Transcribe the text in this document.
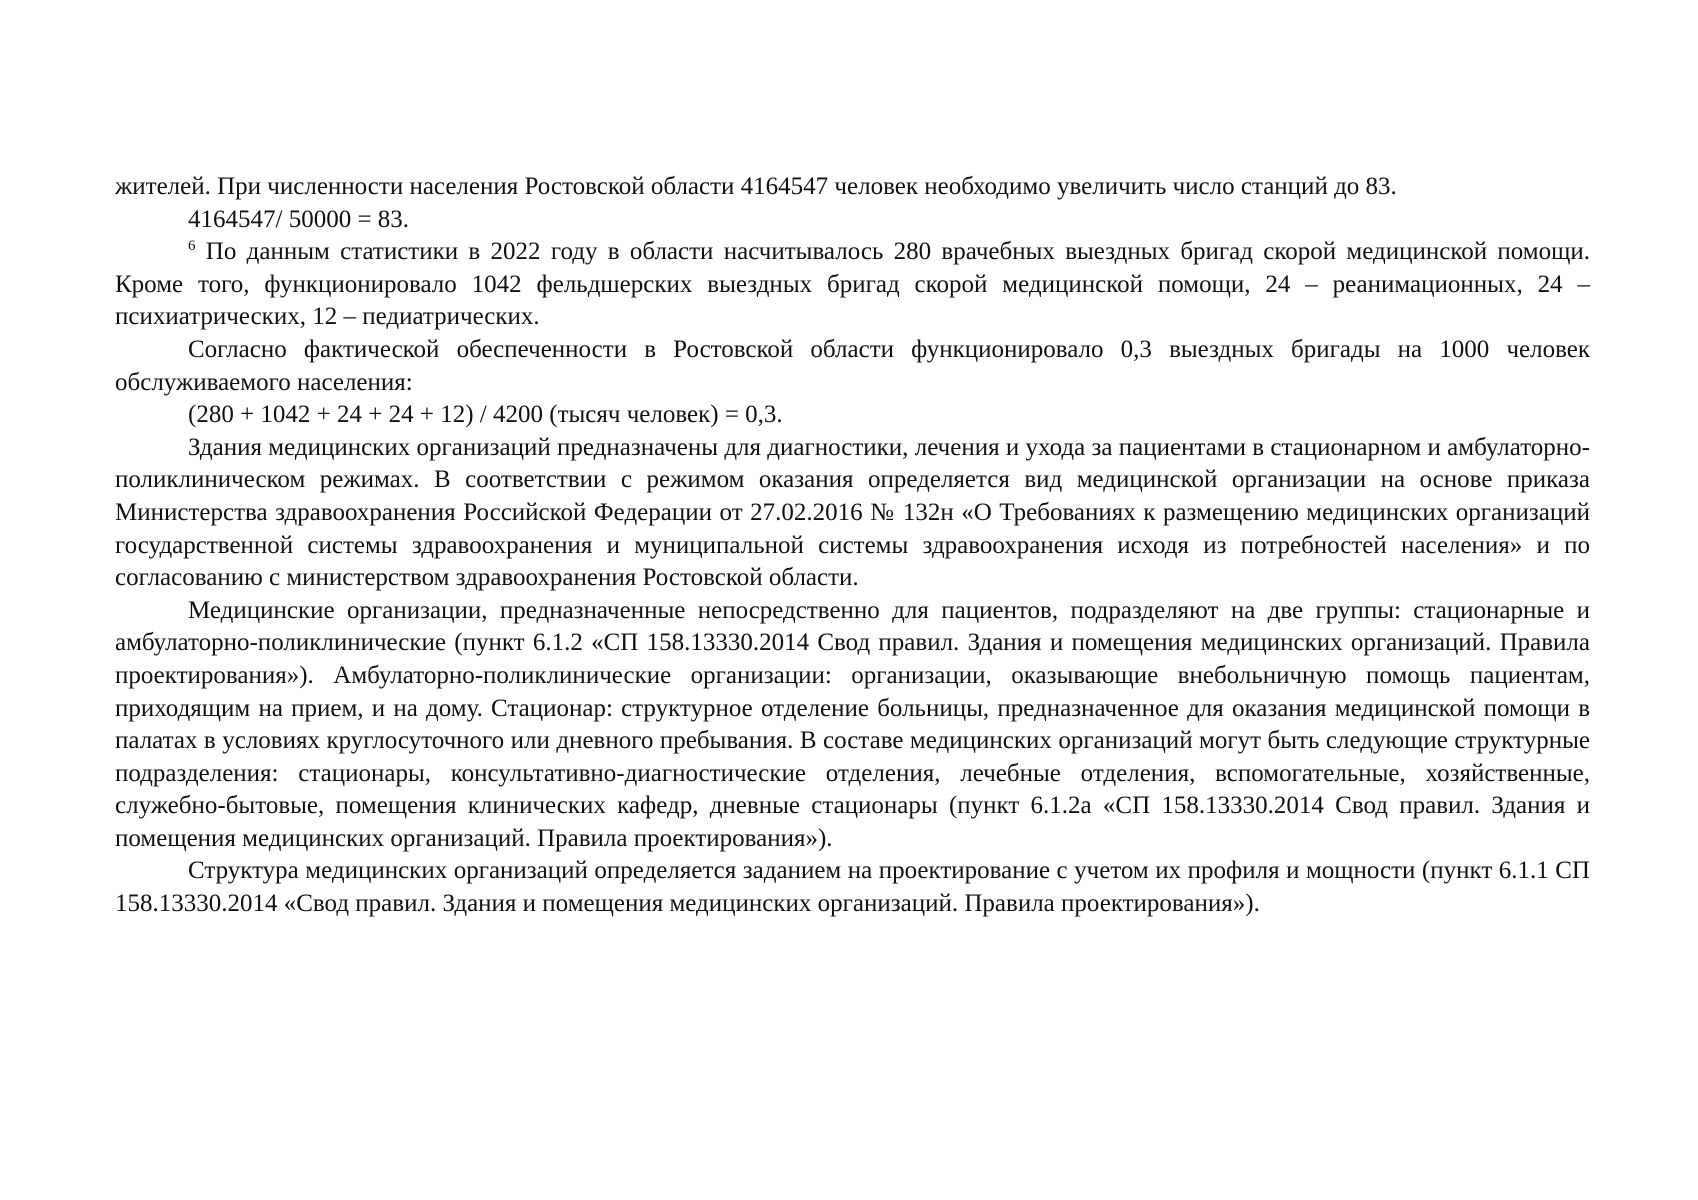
жителей. При численности населения Ростовской области 4164547 человек необходимо увеличить число станций до 83.

4164547/ 50000 = 83.

$^6$ По данным статистики в 2022 году в области насчитывалось 280 врачебных выездных бригад скорой медицинской помощи. Кроме того, функционировало 1042 фельдшерских выездных бригад скорой медицинской помощи, 24 – реанимационных, 24 – психиатрических, 12 – педиатрических.

Согласно фактической обеспеченности в Ростовской области функционировало 0,3 выездных бригады на 1000 человек обслуживаемого населения:

(280 + 1042 + 24 + 24 + 12) / 4200 (тысяч человек) = 0,3.

Здания медицинских организаций предназначены для диагностики, лечения и ухода за пациентами в стационарном и амбулаторно-поликлиническом режимах. В соответствии с режимом оказания определяется вид медицинской организации на основе приказа Министерства здравоохранения Российской Федерации от 27.02.2016 № 132н «О Требованиях к размещению медицинских организаций государственной системы здравоохранения и муниципальной системы здравоохранения исходя из потребностей населения» и по согласованию с министерством здравоохранения Ростовской области.

Медицинские организации, предназначенные непосредственно для пациентов, подразделяют на две группы: стационарные и амбулаторно-поликлинические (пункт 6.1.2 «СП 158.13330.2014 Свод правил. Здания и помещения медицинских организаций. Правила проектирования»). Амбулаторно-поликлинические организации: организации, оказывающие внебольничную помощь пациентам, приходящим на прием, и на дому. Стационар: структурное отделение больницы, предназначенное для оказания медицинской помощи в палатах в условиях круглосуточного или дневного пребывания. В составе медицинских организаций могут быть следующие структурные подразделения: стационары, консультативно-диагностические отделения, лечебные отделения, вспомогательные, хозяйственные, служебно-бытовые, помещения клинических кафедр, дневные стационары (пункт 6.1.2а «СП 158.13330.2014 Свод правил. Здания и помещения медицинских организаций. Правила проектирования»).

Структура медицинских организаций определяется заданием на проектирование с учетом их профиля и мощности (пункт 6.1.1 СП 158.13330.2014 «Свод правил. Здания и помещения медицинских организаций. Правила проектирования»).
